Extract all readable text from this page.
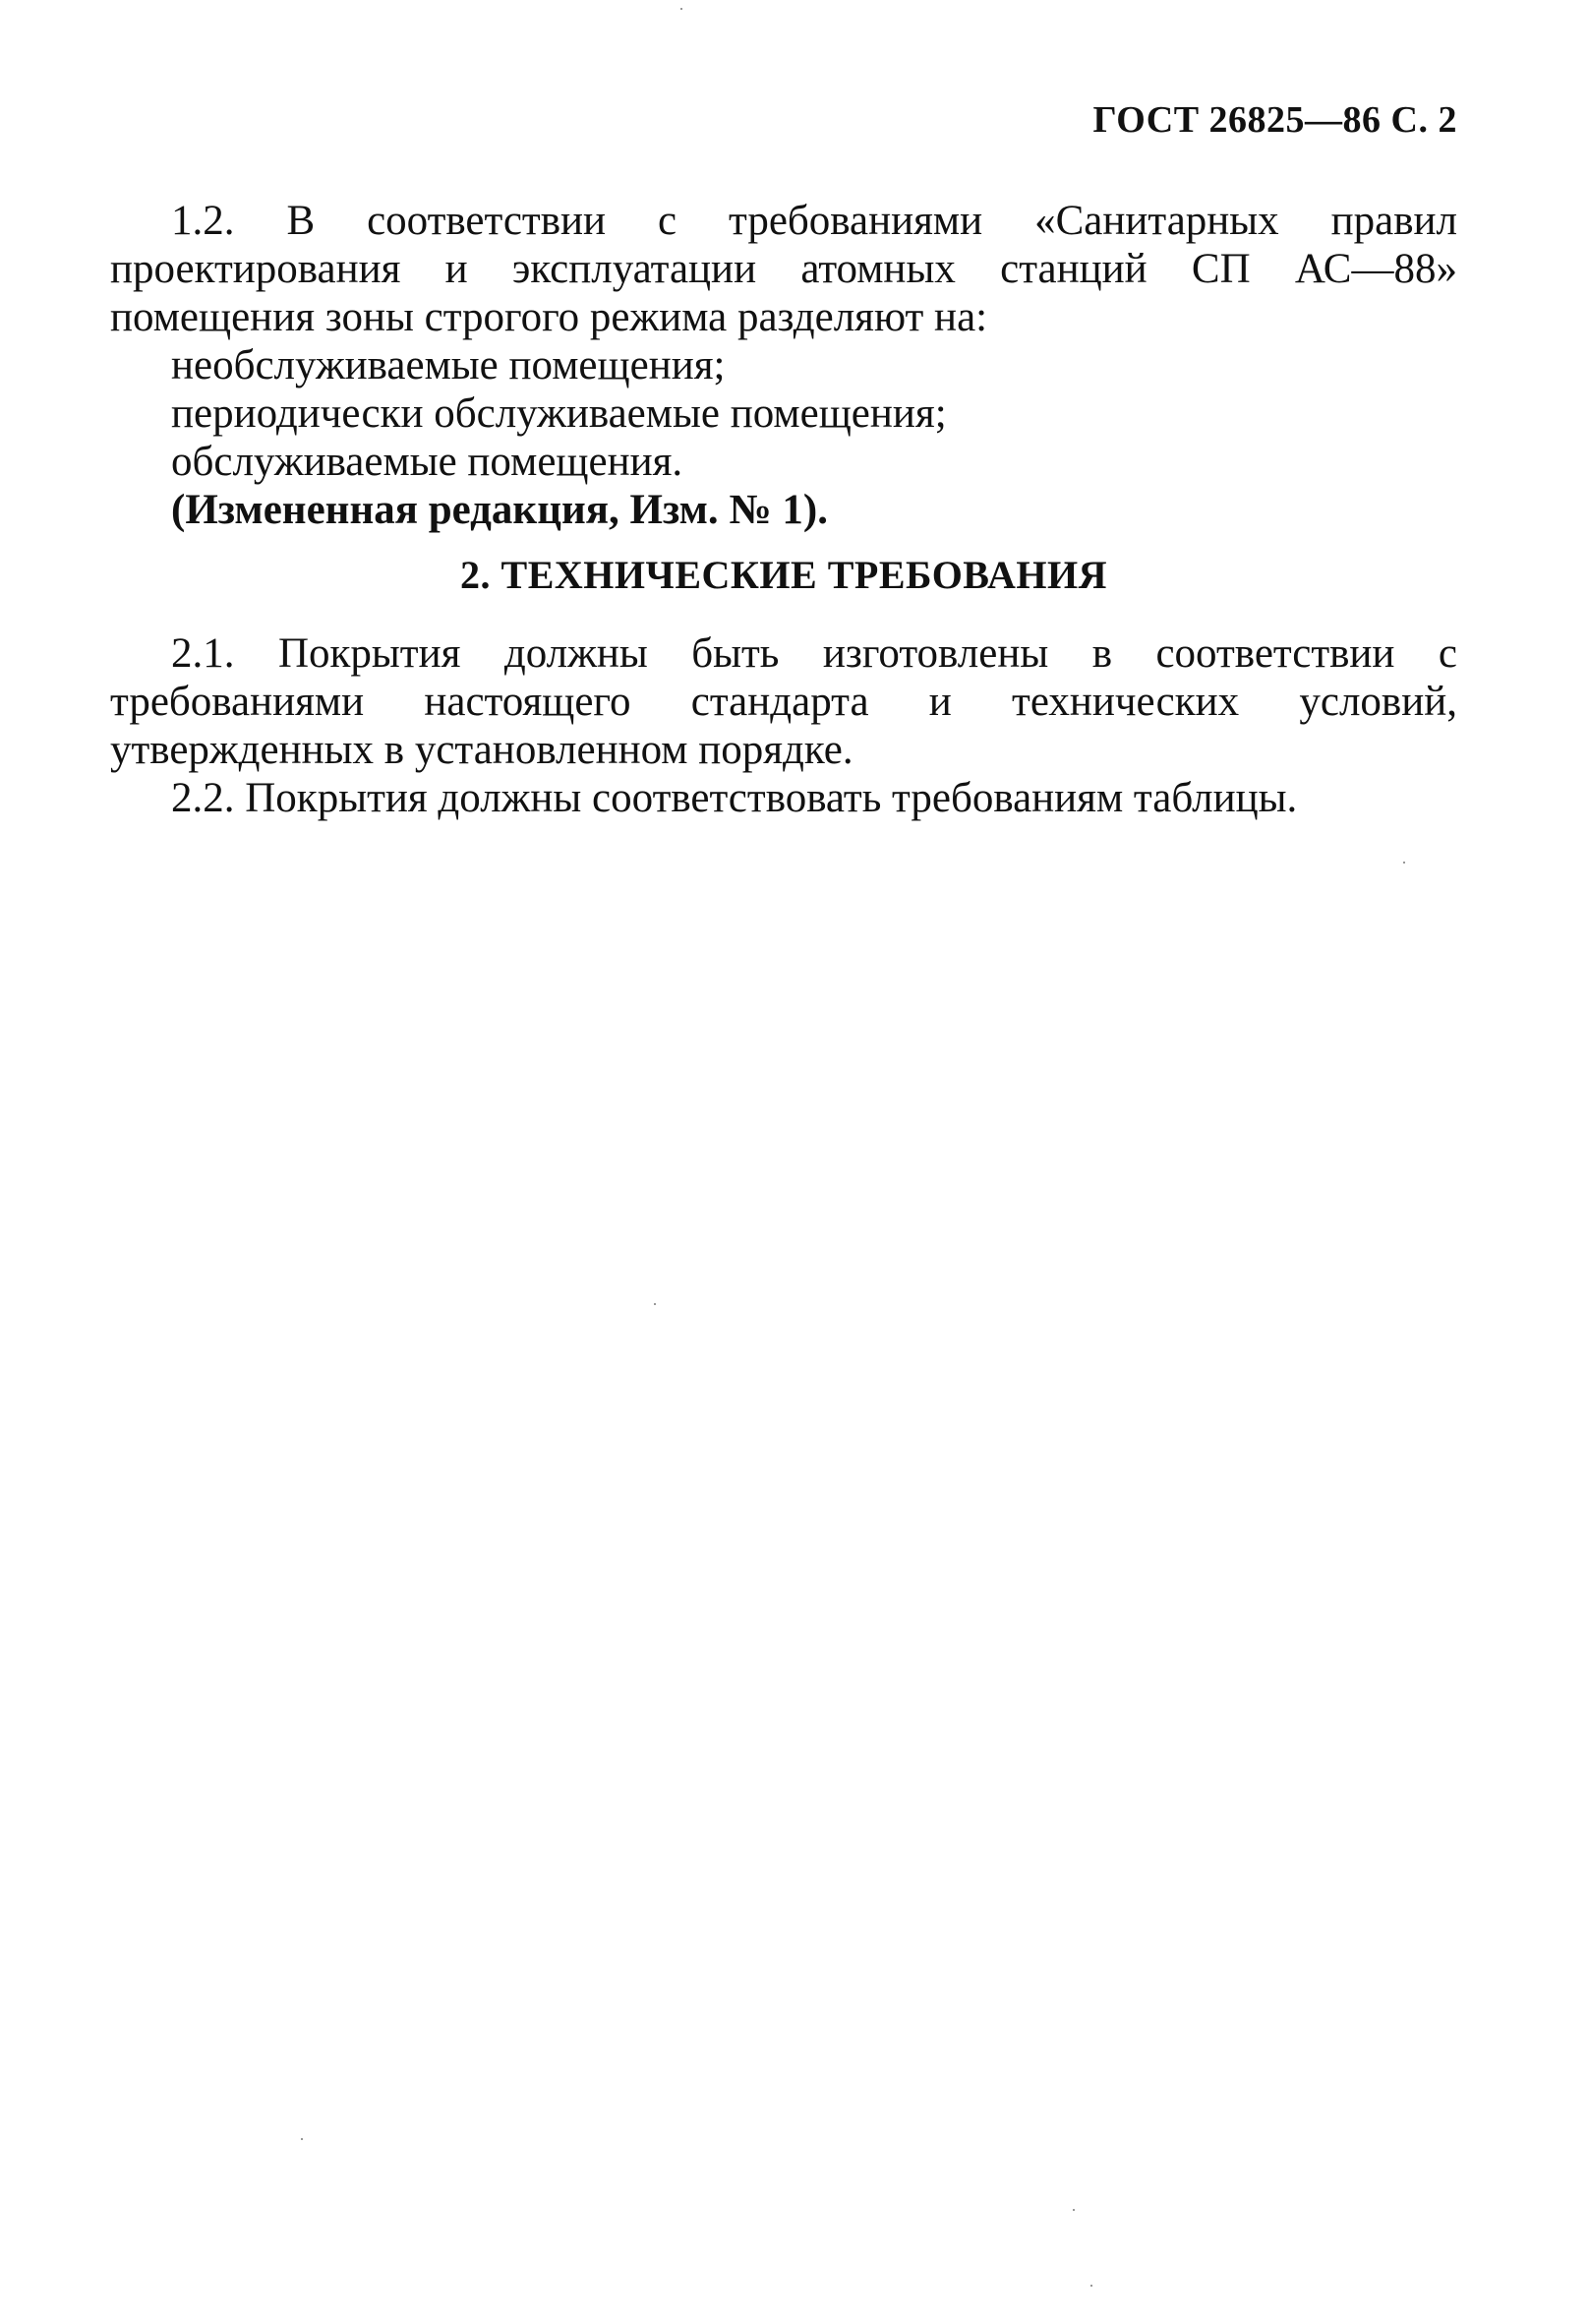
ГОСТ 26825—86 С. 2

1.2. В соответствии с требованиями «Санитарных правил проектирования и эксплуатации атомных станций СП АС—88» помещения зоны строгого режима разделяют на:

необслуживаемые помещения;

периодически обслуживаемые помещения;

обслуживаемые помещения.

(Измененная редакция, Изм. № 1).

2. ТЕХНИЧЕСКИЕ ТРЕБОВАНИЯ

2.1. Покрытия должны быть изготовлены в соответствии с требованиями настоящего стандарта и технических условий, утвержденных в установленном порядке.

2.2. Покрытия должны соответствовать требованиям таблицы.
